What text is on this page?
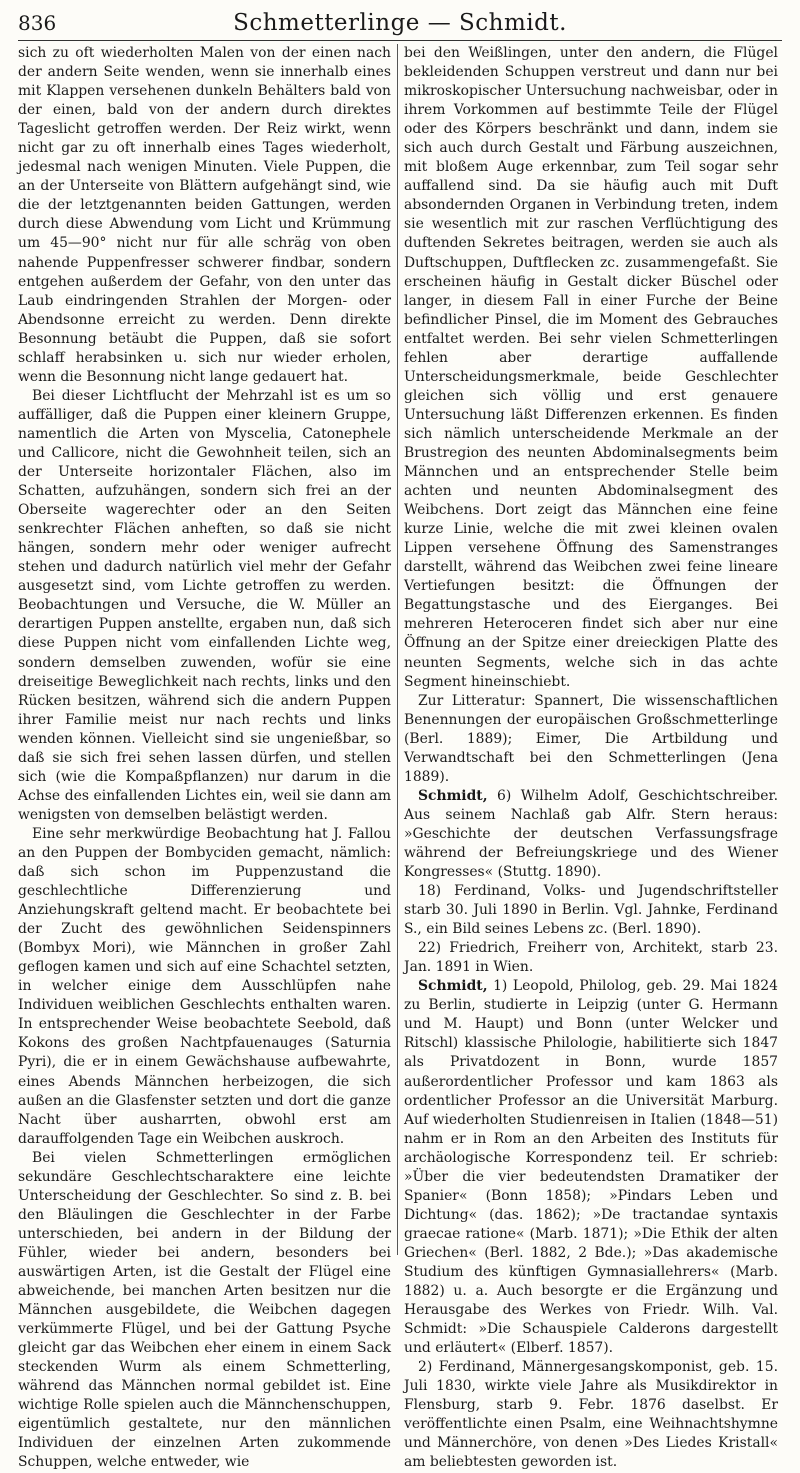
836	Schmetterlinge — Schmidt.

sich zu oft wiederholten Malen von der einen nach der andern Seite wenden, wenn sie innerhalb eines mit Klappen versehenen dunkeln Behälters bald von der einen, bald von der andern durch direktes Tageslicht getroffen werden. Der Reiz wirkt, wenn nicht gar zu oft innerhalb eines Tages wiederholt, jedesmal nach wenigen Minuten. Viele Puppen, die an der Unterseite von Blättern aufgehängt sind, wie die der letztgenannten beiden Gattungen, werden durch diese Abwendung vom Licht und Krümmung um 45—90° nicht nur für alle schräg von oben nahende Puppenfresser schwerer findbar, sondern entgehen außerdem der Gefahr, von den unter das Laub eindringenden Strahlen der Morgen- oder Abendsonne erreicht zu werden. Denn direkte Besonnung betäubt die Puppen, daß sie sofort schlaff herabsinken u. sich nur wieder erholen, wenn die Besonnung nicht lange gedauert hat.

Bei dieser Lichtflucht der Mehrzahl ist es um so auffälliger, daß die Puppen einer kleinern Gruppe, namentlich die Arten von Myscelia, Catonephele und Callicore, nicht die Gewohnheit teilen, sich an der Unterseite horizontaler Flächen, also im Schatten, aufzuhängen, sondern sich frei an der Oberseite wagerechter oder an den Seiten senkrechter Flächen anheften, so daß sie nicht hängen, sondern mehr oder weniger aufrecht stehen und dadurch natürlich viel mehr der Gefahr ausgesetzt sind, vom Lichte getroffen zu werden. Beobachtungen und Versuche, die W. Müller an derartigen Puppen anstellte, ergaben nun, daß sich diese Puppen nicht vom einfallenden Lichte weg, sondern demselben zuwenden, wofür sie eine dreiseitige Beweglichkeit nach rechts, links und den Rücken besitzen, während sich die andern Puppen ihrer Familie meist nur nach rechts und links wenden können. Vielleicht sind sie ungenießbar, so daß sie sich frei sehen lassen dürfen, und stellen sich (wie die Kompaßpflanzen) nur darum in die Achse des einfallenden Lichtes ein, weil sie dann am wenigsten von demselben belästigt werden.

Eine sehr merkwürdige Beobachtung hat J. Fallou an den Puppen der Bombyciden gemacht, nämlich: daß sich schon im Puppenzustand die geschlechtliche Differenzierung und Anziehungskraft geltend macht. Er beobachtete bei der Zucht des gewöhnlichen Seidenspinners (Bombyx Mori), wie Männchen in großer Zahl geflogen kamen und sich auf eine Schachtel setzten, in welcher einige dem Ausschlüpfen nahe Individuen weiblichen Geschlechts enthalten waren. In entsprechender Weise beobachtete Seebold, daß Kokons des großen Nachtpfauenauges (Saturnia Pyri), die er in einem Gewächshause aufbewahrte, eines Abends Männchen herbeizogen, die sich außen an die Glasfenster setzten und dort die ganze Nacht über ausharrten, obwohl erst am darauffolgenden Tage ein Weibchen auskroch.

Bei vielen Schmetterlingen ermöglichen sekundäre Geschlechtscharaktere eine leichte Unterscheidung der Geschlechter. So sind z. B. bei den Bläulingen die Geschlechter in der Farbe unterschieden, bei andern in der Bildung der Fühler, wieder bei andern, besonders bei auswärtigen Arten, ist die Gestalt der Flügel eine abweichende, bei manchen Arten besitzen nur die Männchen ausgebildete, die Weibchen dagegen verkümmerte Flügel, und bei der Gattung Psyche gleicht gar das Weibchen eher einem in einem Sack steckenden Wurm als einem Schmetterling, während das Männchen normal gebildet ist. Eine wichtige Rolle spielen auch die Männchenschuppen, eigentümlich gestaltete, nur den männlichen Individuen der einzelnen Arten zukommende Schuppen, welche entweder, wie

bei den Weißlingen, unter den andern, die Flügel bekleidenden Schuppen verstreut und dann nur bei mikroskopischer Untersuchung nachweisbar, oder in ihrem Vorkommen auf bestimmte Teile der Flügel oder des Körpers beschränkt und dann, indem sie sich auch durch Gestalt und Färbung auszeichnen, mit bloßem Auge erkennbar, zum Teil sogar sehr auffallend sind. Da sie häufig auch mit Duft absondernden Organen in Verbindung treten, indem sie wesentlich mit zur raschen Verflüchtigung des duftenden Sekretes beitragen, werden sie auch als Duftschuppen, Duftflecken zc. zusammengefaßt. Sie erscheinen häufig in Gestalt dicker Büschel oder langer, in diesem Fall in einer Furche der Beine befindlicher Pinsel, die im Moment des Gebrauches entfaltet werden. Bei sehr vielen Schmetterlingen fehlen aber derartige auffallende Unterscheidungsmerkmale, beide Geschlechter gleichen sich völlig und erst genauere Untersuchung läßt Differenzen erkennen. Es finden sich nämlich unterscheidende Merkmale an der Brustregion des neunten Abdominalsegments beim Männchen und an entsprechender Stelle beim achten und neunten Abdominalsegment des Weibchens. Dort zeigt das Männchen eine feine kurze Linie, welche die mit zwei kleinen ovalen Lippen versehene Öffnung des Samenstranges darstellt, während das Weibchen zwei feine lineare Vertiefungen besitzt: die Öffnungen der Begattungstasche und des Eierganges. Bei mehreren Heteroceren findet sich aber nur eine Öffnung an der Spitze einer dreieckigen Platte des neunten Segments, welche sich in das achte Segment hineinschiebt.

Zur Litteratur: Spannert, Die wissenschaftlichen Benennungen der europäischen Großschmetterlinge (Berl. 1889); Eimer, Die Artbildung und Verwandtschaft bei den Schmetterlingen (Jena 1889).

Schmidt, 6) Wilhelm Adolf, Geschichtschreiber. Aus seinem Nachlaß gab Alfr. Stern heraus: »Geschichte der deutschen Verfassungsfrage während der Befreiungskriege und des Wiener Kongresses« (Stuttg. 1890).

18) Ferdinand, Volks- und Jugendschriftsteller starb 30. Juli 1890 in Berlin. Vgl. Jahnke, Ferdinand S., ein Bild seines Lebens zc. (Berl. 1890).

22) Friedrich, Freiherr von, Architekt, starb 23. Jan. 1891 in Wien.

Schmidt, 1) Leopold, Philolog, geb. 29. Mai 1824 zu Berlin, studierte in Leipzig (unter G. Hermann und M. Haupt) und Bonn (unter Welcker und Ritschl) klassische Philologie, habilitierte sich 1847 als Privatdozent in Bonn, wurde 1857 außerordentlicher Professor und kam 1863 als ordentlicher Professor an die Universität Marburg. Auf wiederholten Studienreisen in Italien (1848—51) nahm er in Rom an den Arbeiten des Instituts für archäologische Korrespondenz teil. Er schrieb: »Über die vier bedeutendsten Dramatiker der Spanier« (Bonn 1858); »Pindars Leben und Dichtung« (das. 1862); »De tractandae syntaxis graecae ratione« (Marb. 1871); »Die Ethik der alten Griechen« (Berl. 1882, 2 Bde.); »Das akademische Studium des künftigen Gymnasiallehrers« (Marb. 1882) u. a. Auch besorgte er die Ergänzung und Herausgabe des Werkes von Friedr. Wilh. Val. Schmidt: »Die Schauspiele Calderons dargestellt und erläutert« (Elberf. 1857).

2) Ferdinand, Männergesangskomponist, geb. 15. Juli 1830, wirkte viele Jahre als Musikdirektor in Flensburg, starb 9. Febr. 1876 daselbst. Er veröffentlichte einen Psalm, eine Weihnachtshymne und Männerchöre, von denen »Des Liedes Kristall« am beliebtesten geworden ist.
